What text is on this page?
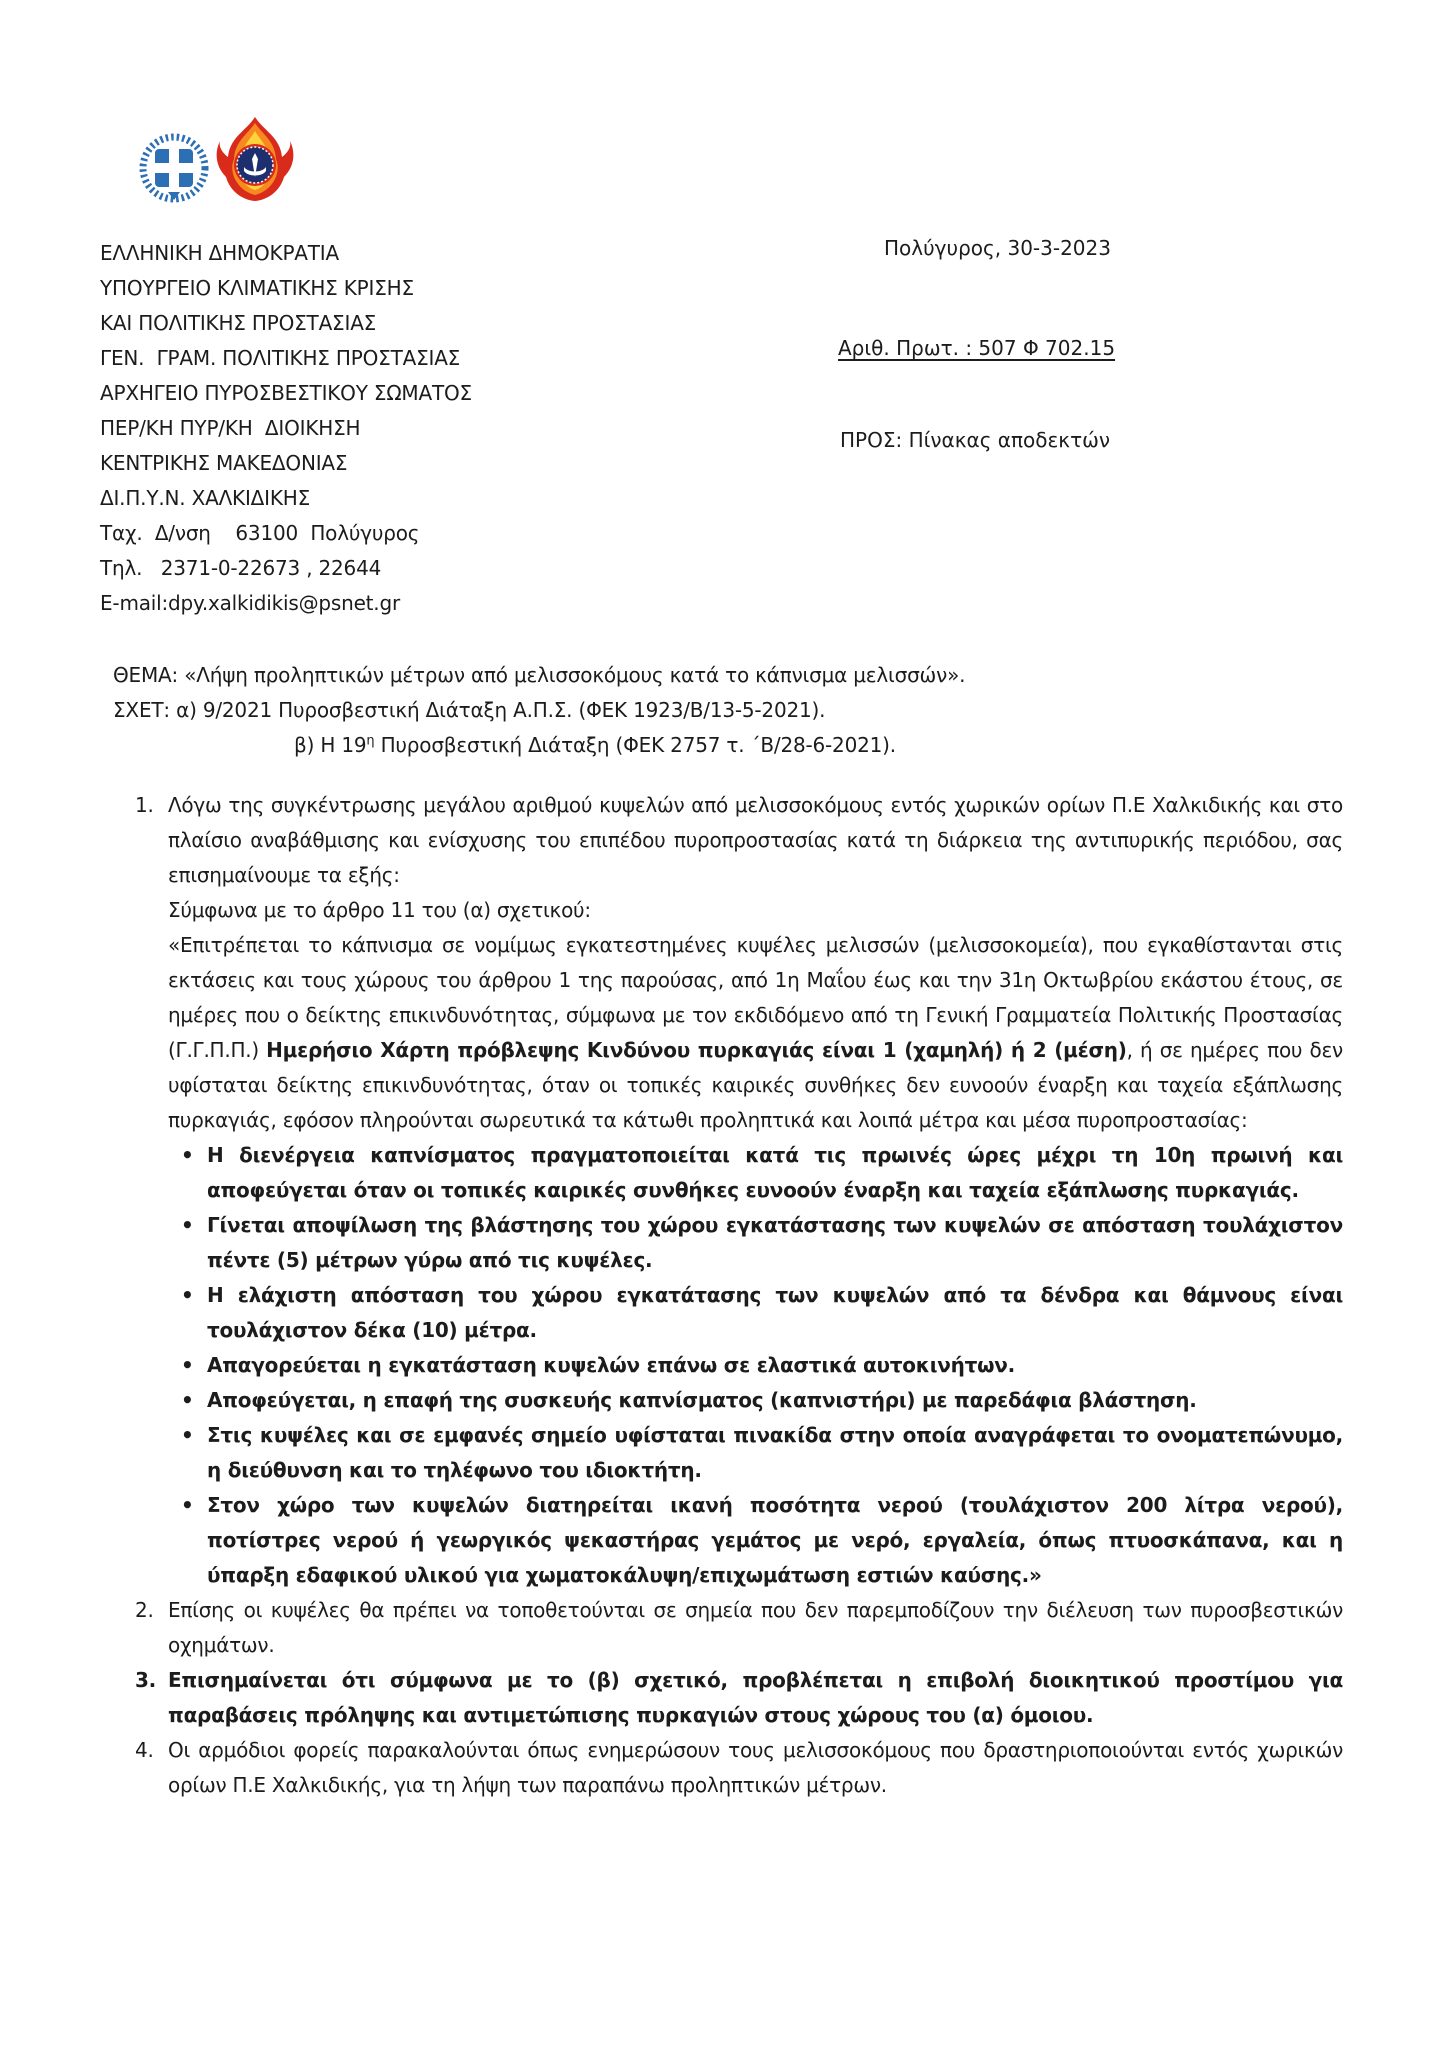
ΕΛΛΗΝΙΚΗ ΔΗΜΟΚΡΑΤΙΑ
ΥΠΟΥΡΓΕΙΟ ΚΛΙΜΑΤΙΚΗΣ ΚΡΙΣΗΣ
ΚΑΙ ΠΟΛΙΤΙΚΗΣ ΠΡΟΣΤΑΣΙΑΣ
ΓΕΝ.  ΓΡΑΜ. ΠΟΛΙΤΙΚΗΣ ΠΡΟΣΤΑΣΙΑΣ
ΑΡΧΗΓΕΙΟ ΠΥΡΟΣΒΕΣΤΙΚΟΥ ΣΩΜΑΤΟΣ
ΠΕΡ/ΚΗ ΠΥΡ/ΚΗ  ΔΙΟΙΚΗΣΗ
ΚΕΝΤΡΙΚΗΣ ΜΑΚΕΔΟΝΙΑΣ
ΔΙ.Π.Υ.Ν. ΧΑΛΚΙΔΙΚΗΣ
Ταχ.  Δ/νση    63100  Πολύγυρος
Τηλ.   2371-0-22673 , 22644
E-mail:dpy.xalkidikis@psnet.gr
Πολύγυρος, 30-3-2023
Αριθ. Πρωτ. : 507 Φ 702.15
ΠΡΟΣ: Πίνακας αποδεκτών
ΘΕΜΑ: «Λήψη προληπτικών μέτρων από μελισσοκόμους κατά το κάπνισμα μελισσών».
ΣΧΕΤ: α) 9/2021 Πυροσβεστική Διάταξη Α.Π.Σ. (ΦΕΚ 1923/Β/13-5-2021).
β) Η $19^\eta$ Πυροσβεστική Διάταξη (ΦΕΚ 2757 τ. ΄Β/28-6-2021).
1. Λόγω της συγκέντρωσης μεγάλου αριθμού κυψελών από μελισσοκόμους εντός χωρικών ορίων Π.Ε Χαλκιδικής και στο πλαίσιο αναβάθμισης και ενίσχυσης του επιπέδου πυροπροστασίας κατά τη διάρκεια της αντιπυρικής περιόδου, σας επισημαίνουμε τα εξής:

Σύμφωνα με το άρθρο 11 του (α) σχετικού:

«Επιτρέπεται το κάπνισμα σε νομίμως εγκατεστημένες κυψέλες μελισσών (μελισσοκομεία), που εγκαθίστανται στις εκτάσεις και τους χώρους του άρθρου 1 της παρούσας, από 1η Μαΐου έως και την 31η Οκτωβρίου εκάστου έτους, σε ημέρες που ο δείκτης επικινδυνότητας, σύμφωνα με τον εκδιδόμενο από τη Γενική Γραμματεία Πολιτικής Προστασίας (Γ.Γ.Π.Π.) Ημερήσιο Χάρτη πρόβλεψης Κινδύνου πυρκαγιάς είναι 1 (χαμηλή) ή 2 (μέση), ή σε ημέρες που δεν υφίσταται δείκτης επικινδυνότητας, όταν οι τοπικές καιρικές συνθήκες δεν ευνοούν έναρξη και ταχεία εξάπλωσης πυρκαγιάς, εφόσον πληρούνται σωρευτικά τα κάτωθι προληπτικά και λοιπά μέτρα και μέσα πυροπροστασίας:

• Η διενέργεια καπνίσματος πραγματοποιείται κατά τις πρωινές ώρες μέχρι τη 10η πρωινή και αποφεύγεται όταν οι τοπικές καιρικές συνθήκες ευνοούν έναρξη και ταχεία εξάπλωσης πυρκαγιάς.
• Γίνεται αποψίλωση της βλάστησης του χώρου εγκατάστασης των κυψελών σε απόσταση τουλάχιστον πέντε (5) μέτρων γύρω από τις κυψέλες.
• Η ελάχιστη απόσταση του χώρου εγκατάτασης των κυψελών από τα δένδρα και θάμνους είναι τουλάχιστον δέκα (10) μέτρα.
• Απαγορεύεται η εγκατάσταση κυψελών επάνω σε ελαστικά αυτοκινήτων.
• Αποφεύγεται, η επαφή της συσκευής καπνίσματος (καπνιστήρι) με παρεδάφια βλάστηση.
• Στις κυψέλες και σε εμφανές σημείο υφίσταται πινακίδα στην οποία αναγράφεται το ονοματεπώνυμο, η διεύθυνση και το τηλέφωνο του ιδιοκτήτη.
• Στον χώρο των κυψελών διατηρείται ικανή ποσότητα νερού (τουλάχιστον 200 λίτρα νερού), ποτίστρες νερού ή γεωργικός ψεκαστήρας γεμάτος με νερό, εργαλεία, όπως πτυοσκάπανα, και η ύπαρξη εδαφικού υλικού για χωματοκάλυψη/επιχωμάτωση εστιών καύσης.»
2. Επίσης οι κυψέλες θα πρέπει να τοποθετούνται σε σημεία που δεν παρεμποδίζουν την διέλευση των πυροσβεστικών οχημάτων.

3. Επισημαίνεται ότι σύμφωνα με το (β) σχετικό, προβλέπεται η επιβολή διοικητικού προστίμου για παραβάσεις πρόληψης και αντιμετώπισης πυρκαγιών στους χώρους του (α) όμοιου.

4. Οι αρμόδιοι φορείς παρακαλούνται όπως ενημερώσουν τους μελισσοκόμους που δραστηριοποιούνται εντός χωρικών ορίων Π.Ε Χαλκιδικής, για τη λήψη των παραπάνω προληπτικών μέτρων.
